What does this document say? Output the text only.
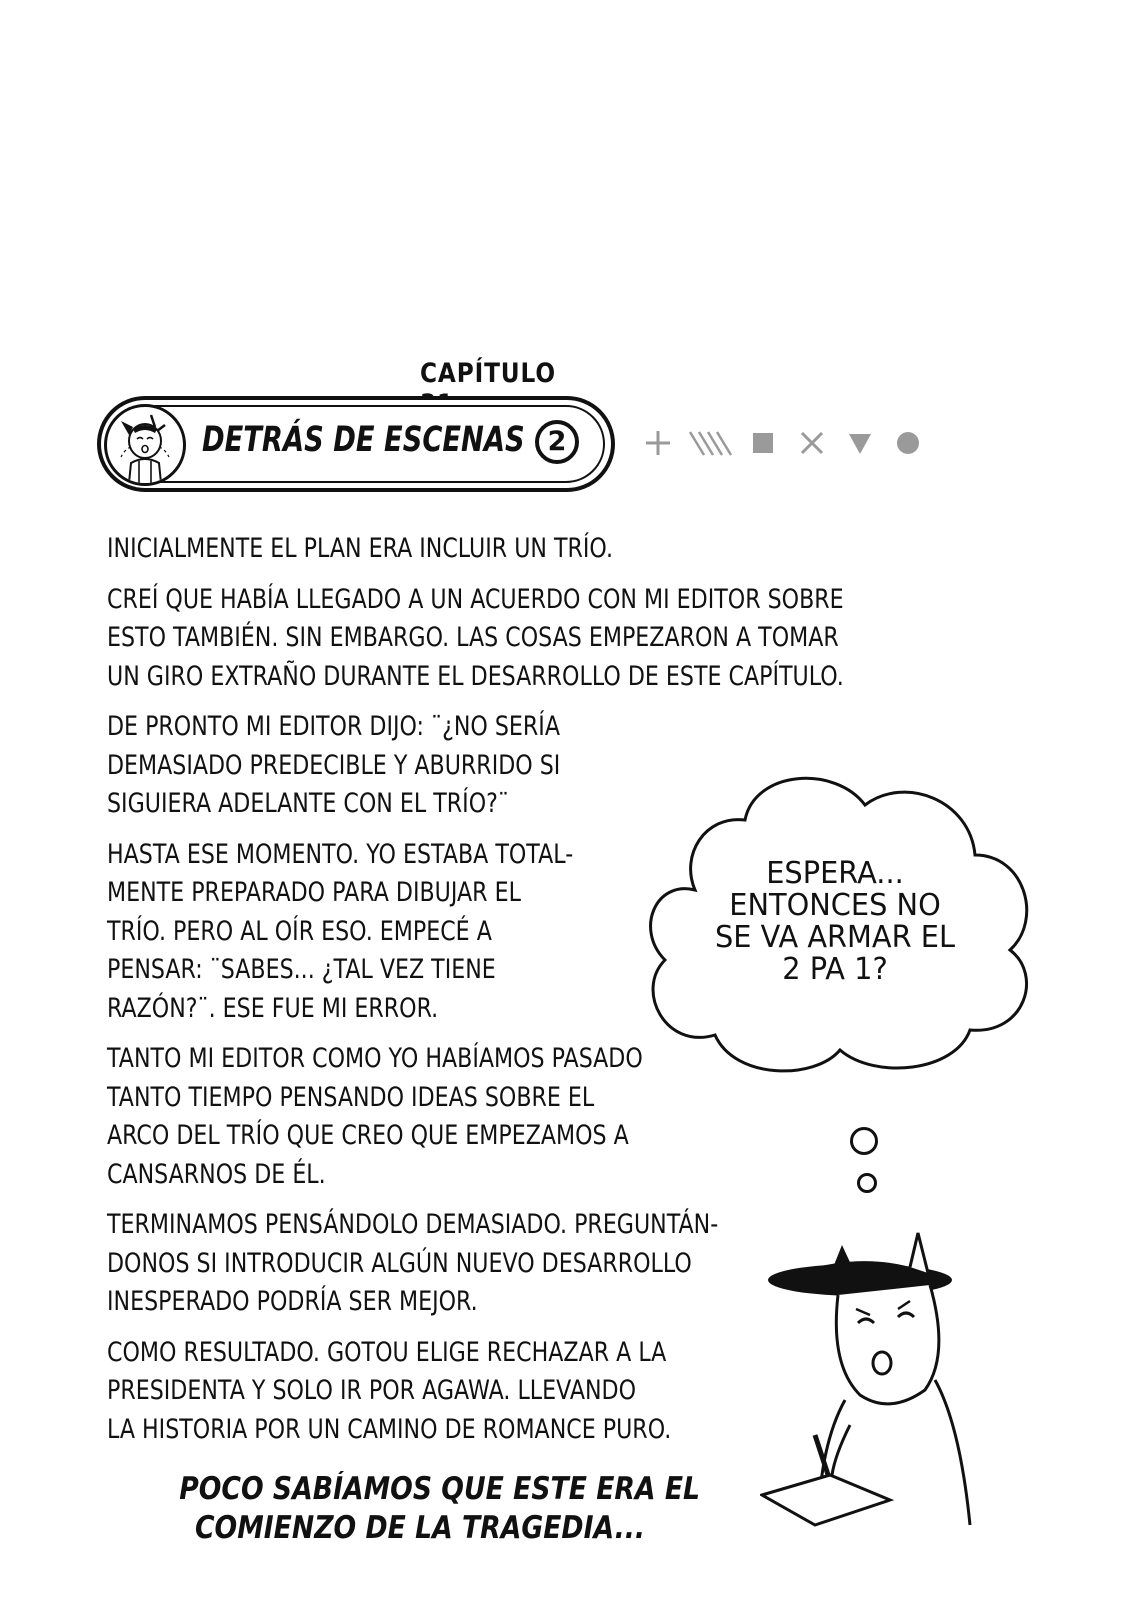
CAPÍTULO
DETRÁS DE ESCENAS 2
INICIALMENTE EL PLAN ERA INCLUIR UN TRÍO.
CREÍ QUE HABÍA LLEGADO A UN ACUERDO CON MI EDITOR SOBRE
ESTO TAMBIÉN. SIN EMBARGO. LAS COSAS EMPEZARON A TOMAR
UN GIRO EXTRAÑO DURANTE EL DESARROLLO DE ESTE CAPÍTULO.
DE PRONTO MI EDITOR DIJO: ¨¿NO SERÍA
DEMASIADO PREDECIBLE Y ABURRIDO SI
SIGUIERA ADELANTE CON EL TRÍO?¨
HASTA ESE MOMENTO. YO ESTABA TOTAL-
MENTE PREPARADO PARA DIBUJAR EL
TRÍO. PERO AL OÍR ESO. EMPECÉ A
PENSAR: ¨SABES... ¿TAL VEZ TIENE
RAZÓN?¨. ESE FUE MI ERROR.
TANTO MI EDITOR COMO YO HABÍAMOS PASADO
TANTO TIEMPO PENSANDO IDEAS SOBRE EL
ARCO DEL TRÍO QUE CREO QUE EMPEZAMOS A
CANSARNOS DE ÉL.
TERMINAMOS PENSÁNDOLO DEMASIADO. PREGUNTÁN-
DONOS SI INTRODUCIR ALGÚN NUEVO DESARROLLO
INESPERADO PODRÍA SER MEJOR.
COMO RESULTADO. GOTOU ELIGE RECHAZAR A LA
PRESIDENTA Y SOLO IR POR AGAWA. LLEVANDO
LA HISTORIA POR UN CAMINO DE ROMANCE PURO.
ESPERA...
ENTONCES NO
SE VA ARMAR EL
2 PA 1?
POCO SABÍAMOS QUE ESTE ERA EL
COMIENZO DE LA TRAGEDIA...
